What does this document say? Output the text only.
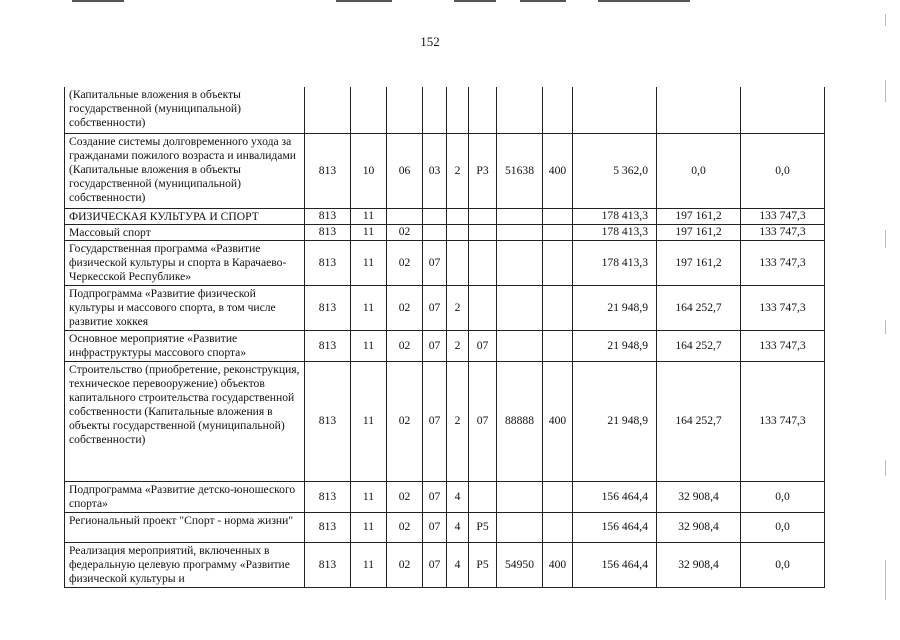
152
(Капитальные вложения в объекты государственной (муниципальной) собственности)											
Создание системы долговременного ухода за гражданами пожилого возраста и инвалидами (Капитальные вложения в объекты государственной (муниципальной) собственности)	813	10	06	03	2	P3	51638	400	5 362,0	0,0	0,0
ФИЗИЧЕСКАЯ КУЛЬТУРА И СПОРТ	813	11							178 413,3	197 161,2	133 747,3
Массовый спорт	813	11	02						178 413,3	197 161,2	133 747,3
Государственная программа «Развитие физической культуры и спорта в Карачаево-Черкесской Республике»	813	11	02	07					178 413,3	197 161,2	133 747,3
Подпрограмма «Развитие физической культуры и массового спорта, в том числе развитие хоккея	813	11	02	07	2				21 948,9	164 252,7	133 747,3
Основное мероприятие «Развитие инфраструктуры массового спорта»	813	11	02	07	2	07			21 948,9	164 252,7	133 747,3
Строительство (приобретение, реконструкция, техническое перевооружение) объектов капитального строительства государственной собственности (Капитальные вложения в объекты государственной (муниципальной) собственности)	813	11	02	07	2	07	88888	400	21 948,9	164 252,7	133 747,3
Подпрограмма «Развитие детско-юношеского спорта»	813	11	02	07	4				156 464,4	32 908,4	0,0
Региональный проект "Спорт - норма жизни"	813	11	02	07	4	P5			156 464,4	32 908,4	0,0
Реализация мероприятий, включенных в федеральную целевую программу «Развитие физической культуры и	813	11	02	07	4	P5	54950	400	156 464,4	32 908,4	0,0
